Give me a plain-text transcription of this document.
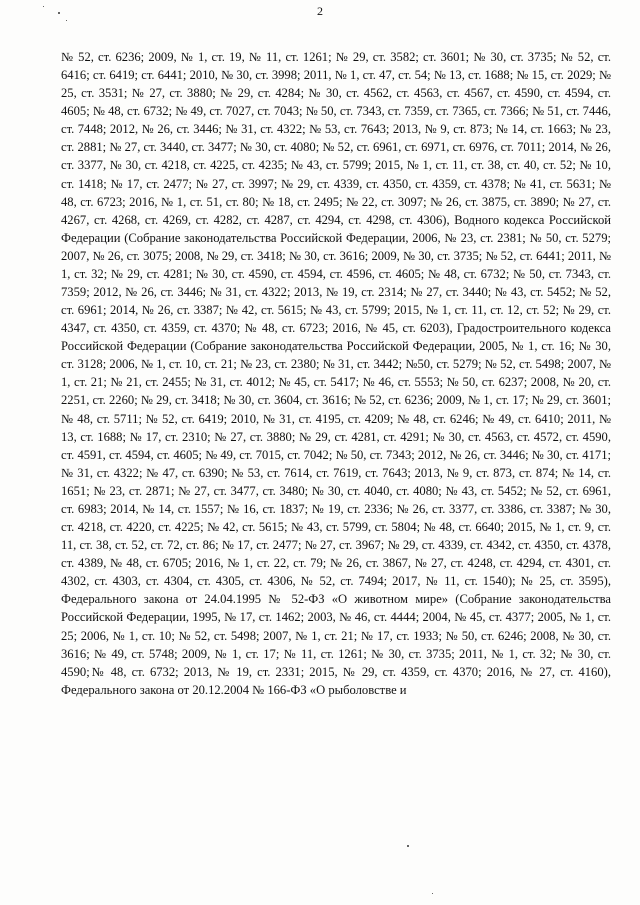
2

№ 52, ст. 6236; 2009, № 1, ст. 19, № 11, ст. 1261; № 29, ст. 3582; ст. 3601; № 30, ст. 3735; № 52, ст. 6416; ст. 6419; ст. 6441; 2010, № 30, ст. 3998; 2011, № 1, ст. 47, ст. 54; № 13, ст. 1688; № 15, ст. 2029; № 25, ст. 3531; № 27, ст. 3880; № 29, ст. 4284; № 30, ст. 4562, ст. 4563, ст. 4567, ст. 4590, ст. 4594, ст. 4605; № 48, ст. 6732; № 49, ст. 7027, ст. 7043; № 50, ст. 7343, ст. 7359, ст. 7365, ст. 7366; № 51, ст. 7446, ст. 7448; 2012, № 26, ст. 3446; № 31, ст. 4322; № 53, ст. 7643; 2013, № 9, ст. 873; № 14, ст. 1663; № 23, ст. 2881; № 27, ст. 3440, ст. 3477; № 30, ст. 4080; № 52, ст. 6961, ст. 6971, ст. 6976, ст. 7011; 2014, № 26, ст. 3377, № 30, ст. 4218, ст. 4225, ст. 4235; № 43, ст. 5799; 2015, № 1, ст. 11, ст. 38, ст. 40, ст. 52; № 10, ст. 1418; № 17, ст. 2477; № 27, ст. 3997; № 29, ст. 4339, ст. 4350, ст. 4359, ст. 4378; № 41, ст. 5631; № 48, ст. 6723; 2016, № 1, ст. 51, ст. 80; № 18, ст. 2495; № 22, ст. 3097; № 26, ст. 3875, ст. 3890; № 27, ст. 4267, ст. 4268, ст. 4269, ст. 4282, ст. 4287, ст. 4294, ст. 4298, ст. 4306), Водного кодекса Российской Федерации (Собрание законодательства Российской Федерации, 2006, № 23, ст. 2381; № 50, ст. 5279; 2007, № 26, ст. 3075; 2008, № 29, ст. 3418; № 30, ст. 3616; 2009, № 30, ст. 3735; № 52, ст. 6441; 2011, № 1, ст. 32; № 29, ст. 4281; № 30, ст. 4590, ст. 4594, ст. 4596, ст. 4605; № 48, ст. 6732; № 50, ст. 7343, ст. 7359; 2012, № 26, ст. 3446; № 31, ст. 4322; 2013, № 19, ст. 2314; № 27, ст. 3440; № 43, ст. 5452; № 52, ст. 6961; 2014, № 26, ст. 3387; № 42, ст. 5615; № 43, ст. 5799; 2015, № 1, ст. 11, ст. 12, ст. 52; № 29, ст. 4347, ст. 4350, ст. 4359, ст. 4370; № 48, ст. 6723; 2016, № 45, ст. 6203), Градостроительного кодекса Российской Федерации (Собрание законодательства Российской Федерации, 2005, № 1, ст. 16; № 30, ст. 3128; 2006, № 1, ст. 10, ст. 21; № 23, ст. 2380; № 31, ст. 3442; №50, ст. 5279; № 52, ст. 5498; 2007, № 1, ст. 21; № 21, ст. 2455; № 31, ст. 4012; № 45, ст. 5417; № 46, ст. 5553; № 50, ст. 6237; 2008, № 20, ст. 2251, ст. 2260; № 29, ст. 3418; № 30, ст. 3604, ст. 3616; № 52, ст. 6236; 2009, № 1, ст. 17; № 29, ст. 3601; № 48, ст. 5711; № 52, ст. 6419; 2010, № 31, ст. 4195, ст. 4209; № 48, ст. 6246; № 49, ст. 6410; 2011, № 13, ст. 1688; № 17, ст. 2310; № 27, ст. 3880; № 29, ст. 4281, ст. 4291; № 30, ст. 4563, ст. 4572, ст. 4590, ст. 4591, ст. 4594, ст. 4605; № 49, ст. 7015, ст. 7042; № 50, ст. 7343; 2012, № 26, ст. 3446; № 30, ст. 4171; № 31, ст. 4322; № 47, ст. 6390; № 53, ст. 7614, ст. 7619, ст. 7643; 2013, № 9, ст. 873, ст. 874; № 14, ст. 1651; № 23, ст. 2871; № 27, ст. 3477, ст. 3480; № 30, ст. 4040, ст. 4080; № 43, ст. 5452; № 52, ст. 6961, ст. 6983; 2014, № 14, ст. 1557; № 16, ст. 1837; № 19, ст. 2336; № 26, ст. 3377, ст. 3386, ст. 3387; № 30, ст. 4218, ст. 4220, ст. 4225; № 42, ст. 5615; № 43, ст. 5799, ст. 5804; № 48, ст. 6640; 2015, № 1, ст. 9, ст. 11, ст. 38, ст. 52, ст. 72, ст. 86; № 17, ст. 2477; № 27, ст. 3967; № 29, ст. 4339, ст. 4342, ст. 4350, ст. 4378, ст. 4389, № 48, ст. 6705; 2016, № 1, ст. 22, ст. 79; № 26, ст. 3867, № 27, ст. 4248, ст. 4294, ст. 4301, ст. 4302, ст. 4303, ст. 4304, ст. 4305, ст. 4306, № 52, ст. 7494; 2017, № 11, ст. 1540); № 25, ст. 3595), Федерального закона от 24.04.1995 № 52-ФЗ «О животном мире» (Собрание законодательства Российской Федерации, 1995, № 17, ст. 1462; 2003, № 46, ст. 4444; 2004, № 45, ст. 4377; 2005, № 1, ст. 25; 2006, № 1, ст. 10; № 52, ст. 5498; 2007, № 1, ст. 21; № 17, ст. 1933; № 50, ст. 6246; 2008, № 30, ст. 3616; № 49, ст. 5748; 2009, № 1, ст. 17; № 11, ст. 1261; № 30, ст. 3735; 2011, № 1, ст. 32; № 30, ст. 4590;№ 48, ст. 6732; 2013, № 19, ст. 2331; 2015, № 29, ст. 4359, ст. 4370; 2016, № 27, ст. 4160), Федерального закона от 20.12.2004 № 166-ФЗ «О рыболовстве и
